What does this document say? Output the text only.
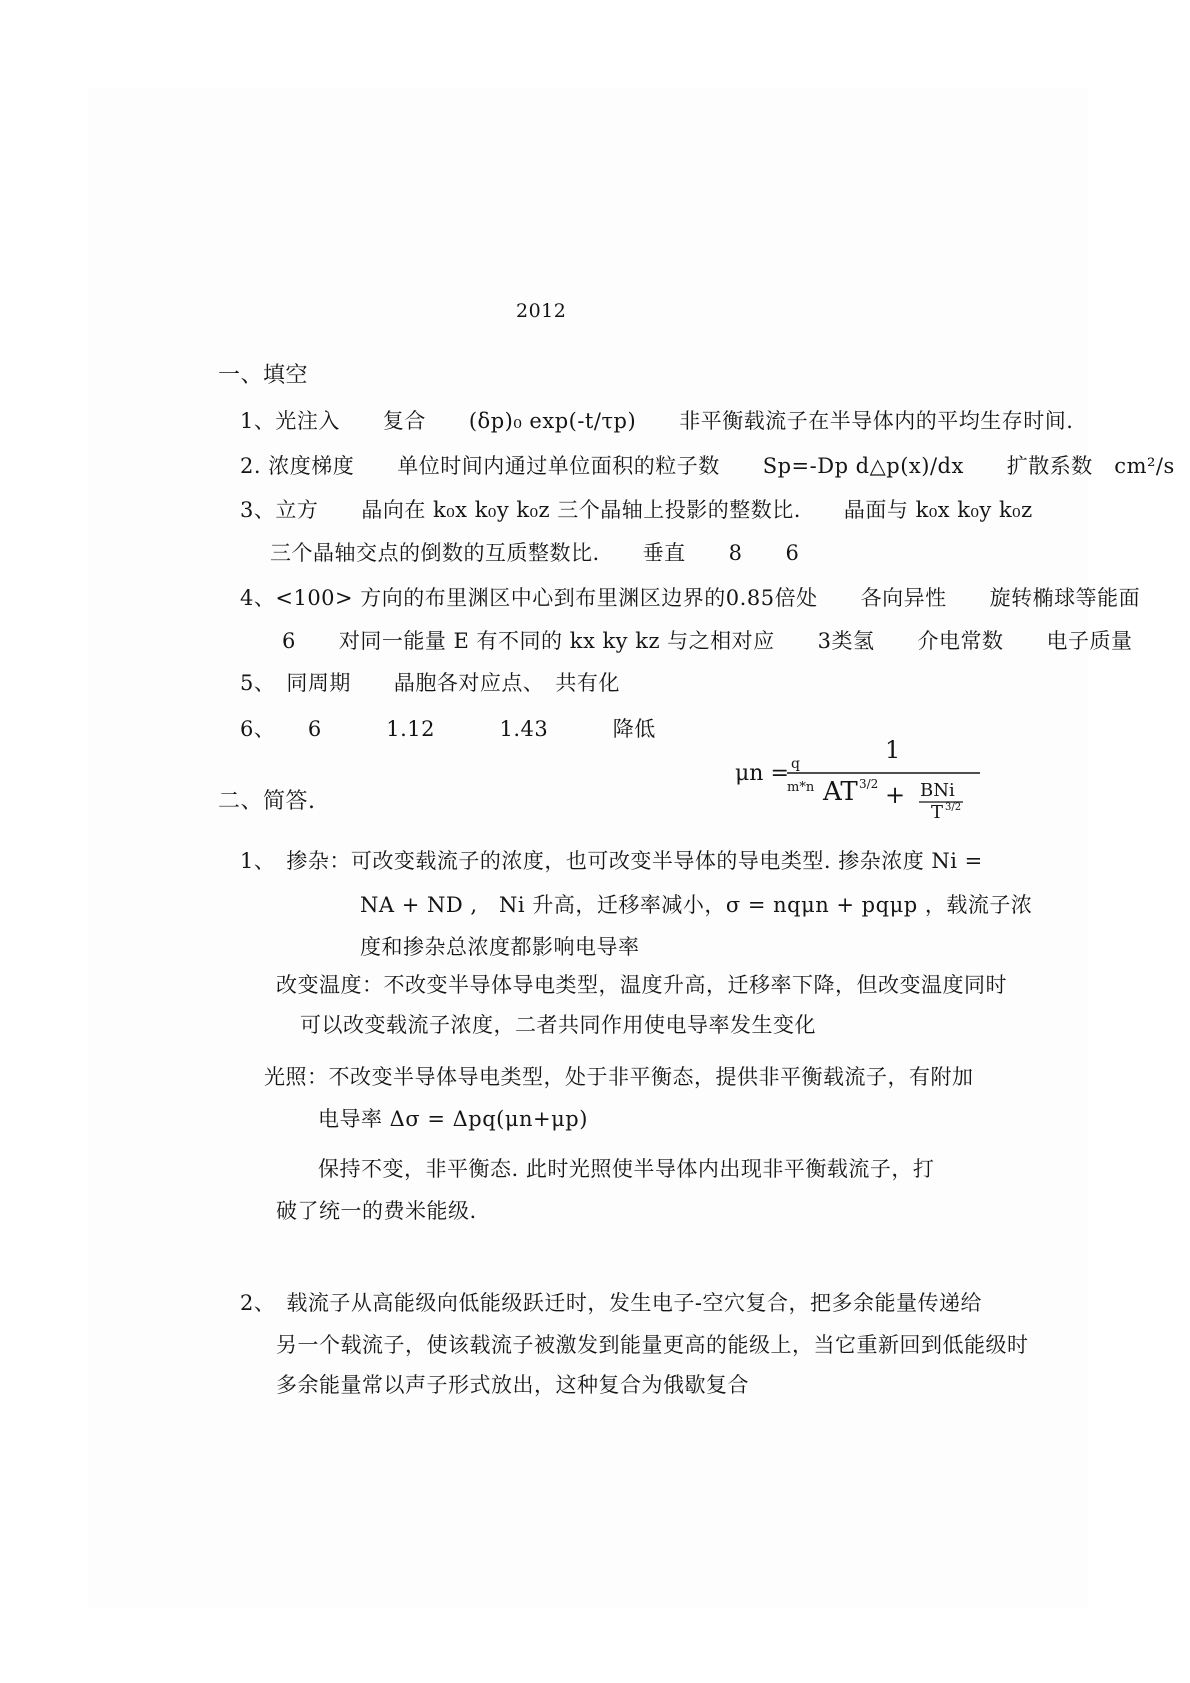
2012
一、填空
1、光注入　　复合　　(δp)₀ exp(-t/τp)　　非平衡载流子在半导体内的平均生存时间.
2. 浓度梯度　　单位时间内通过单位面积的粒子数　　Sp=-Dp d△p(x)/dx　　扩散系数　cm²/s
3、立方　　晶向在 k₀x k₀y k₀z 三个晶轴上投影的整数比.　　晶面与 k₀x k₀y k₀z
三个晶轴交点的倒数的互质整数比.　　垂直　　8　　6
4、<100> 方向的布里渊区中心到布里渊区边界的0.85倍处　　各向异性　　旋转椭球等能面
6　　对同一能量 E 有不同的 kx ky kz 与之相对应　　3类氢　　介电常数　　电子质量
5、　同周期　　晶胞各对应点、　共有化
6、　　6　　　1.12　　　1.43　　　降低
μn = q
m*n
1
AT 3/2 + BNi
T 3/2
二、简答.
1、　掺杂：可改变载流子的浓度，也可改变半导体的导电类型. 掺杂浓度 Ni =
NA + ND ,　Ni 升高，迁移率减小，σ = nqμn + pqμp ，载流子浓
度和掺杂总浓度都影响电导率
改变温度：不改变半导体导电类型，温度升高，迁移率下降，但改变温度同时
可以改变载流子浓度，二者共同作用使电导率发生变化
光照：不改变半导体导电类型，处于非平衡态，提供非平衡载流子，有附加
电导率 Δσ = Δpq(μn+μp)
保持不变，非平衡态. 此时光照使半导体内出现非平衡载流子，打
破了统一的费米能级.
2、　载流子从高能级向低能级跃迁时，发生电子-空穴复合，把多余能量传递给
另一个载流子，使该载流子被激发到能量更高的能级上，当它重新回到低能级时
多余能量常以声子形式放出，这种复合为俄歇复合
